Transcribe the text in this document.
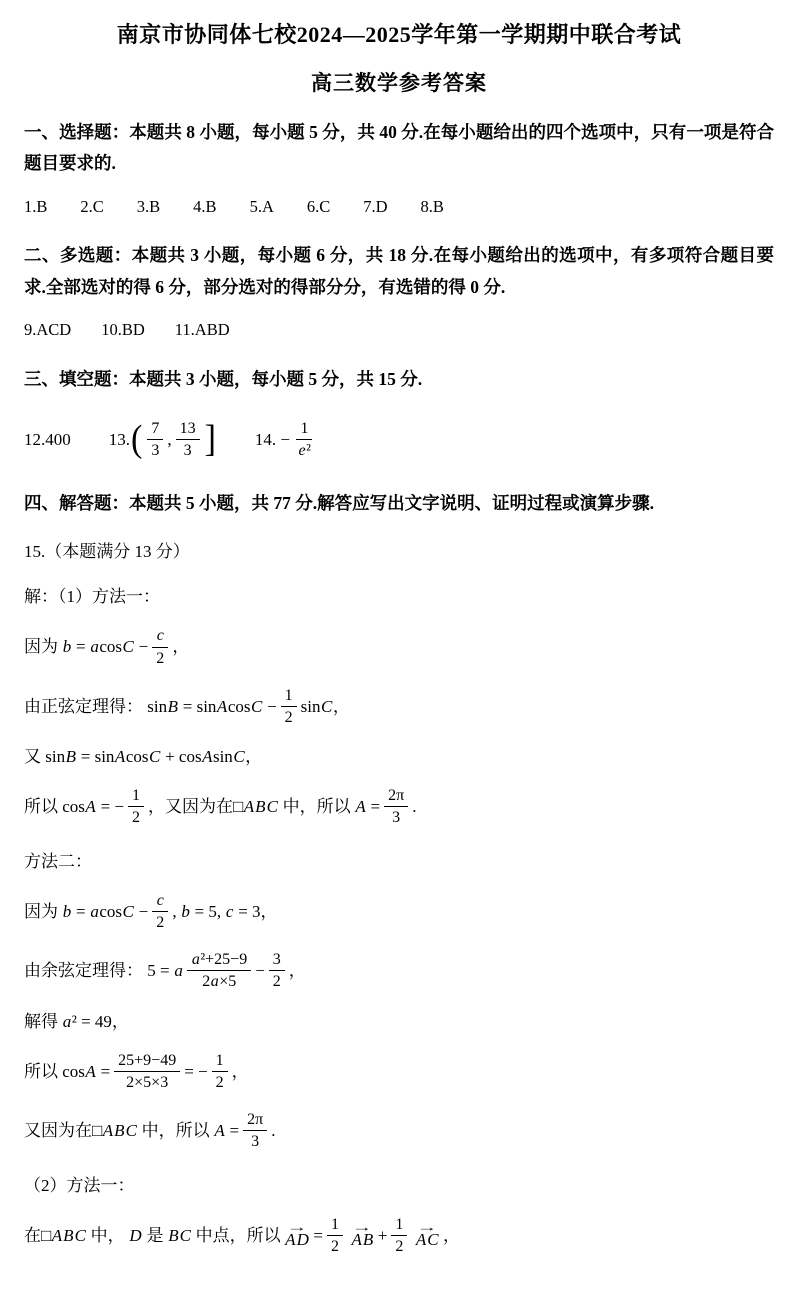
南京市协同体七校2024—2025学年第一学期期中联合考试
高三数学参考答案
一、选择题：本题共 8 小题，每小题 5 分，共 40 分.在每小题给出的四个选项中，只有一项是符合题目要求的.
1.B 2.C 3.B 4.B 5.A 6.C 7.D 8.B
二、多选题：本题共 3 小题，每小题 6 分，共 18 分.在每小题给出的选项中，有多项符合题目要求.全部选对的得 6 分，部分选对的得部分分，有选错的得 0 分.
9.ACD 10.BD 11.ABD
三、填空题：本题共 3 小题，每小题 5 分，共 15 分.
12.400 13. ( $\frac{7}{3}$ , $\frac{13}{3}$ ] 14. − $\frac{1}{\text{e²}}$
四、解答题：本题共 5 小题，共 77 分.解答应写出文字说明、证明过程或演算步骤.
15.（本题满分 13 分）
解：（1）方法一：
因为 $b = acosC - \frac{c}{2}$ ，
由正弦定理得： sinB = sinAcosC − $\frac{1}{2}$ sinC，
又 sinB = sinAcosC + cosAsinC，
所以 cosA = − $\frac{1}{2}$ ，又因为在□ABC 中，所以 $A = \frac{2\pi}{3}$ .
方法二：
因为 $b = acosC - \frac{c}{2}$ , b = 5, c = 3，
由余弦定理得： 5 = a $\frac{\text{a²+25−9}}{2a\times 5} - \frac{3}{2}$ ，
解得 a² = 49，
所以 $\cos A = \frac{25+9-49}{2\times 5\times 3}$ = − $\frac{1}{2}$ ，
又因为在□ABC 中，所以 $A = \frac{2\pi}{3}$ .
（2）方法一：
在□ABC 中， D 是 BC 中点，所以 →
AD = $\frac{1}{2}$ →
AB + $\frac{1}{2}$ →
AC ，
